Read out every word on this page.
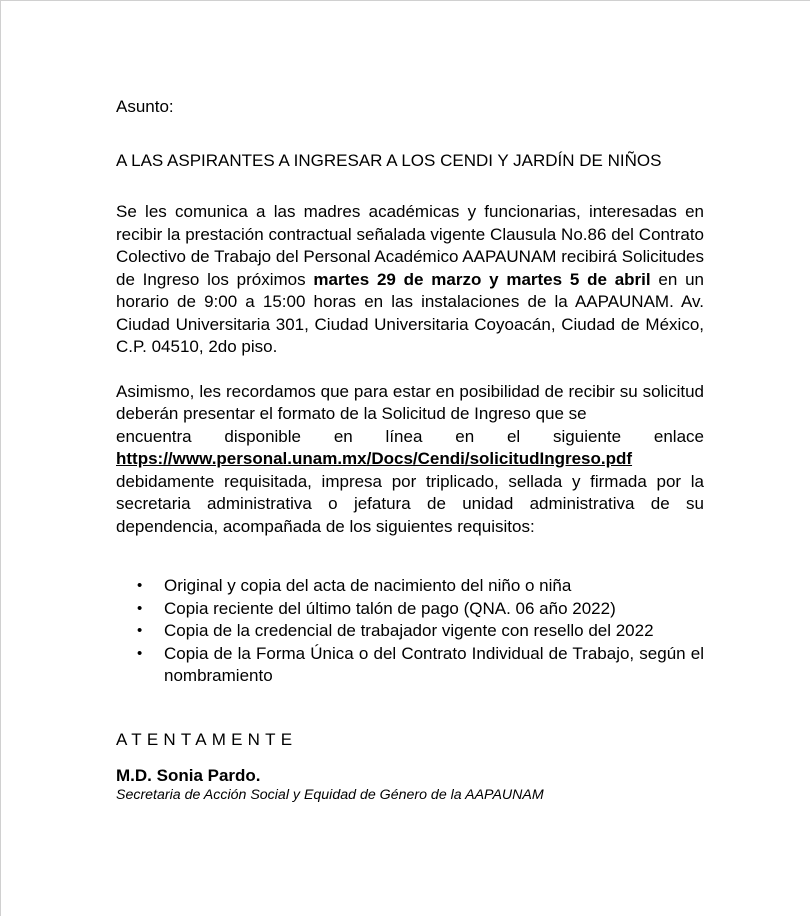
Asunto:

A LAS ASPIRANTES A INGRESAR A LOS CENDI Y JARDÍN DE NIÑOS

Se les comunica a las madres académicas y funcionarias, interesadas en recibir la prestación contractual señalada vigente Clausula No.86 del Contrato Colectivo de Trabajo del Personal Académico AAPAUNAM recibirá Solicitudes de Ingreso los próximos martes 29 de marzo y martes 5 de abril en un horario de 9:00 a 15:00 horas en las instalaciones de la AAPAUNAM. Av. Ciudad Universitaria 301, Ciudad Universitaria Coyoacán, Ciudad de México, C.P. 04510, 2do piso.

Asimismo, les recordamos que para estar en posibilidad de recibir su solicitud deberán presentar el formato de la Solicitud de Ingreso que se
encuentra disponible en línea en el siguiente enlace
https://www.personal.unam.mx/Docs/Cendi/solicitudIngreso.pdf debidamente requisitada, impresa por triplicado, sellada y firmada por la secretaria administrativa o jefatura de unidad administrativa de su dependencia, acompañada de los siguientes requisitos:

• Original y copia del acta de nacimiento del niño o niña
• Copia reciente del último talón de pago (QNA. 06 año 2022)
• Copia de la credencial de trabajador vigente con resello del 2022
• Copia de la Forma Única o del Contrato Individual de Trabajo, según el nombramiento

ATENTAMENTE

M.D. Sonia Pardo.

Secretaria de Acción Social y Equidad de Género de la AAPAUNAM
